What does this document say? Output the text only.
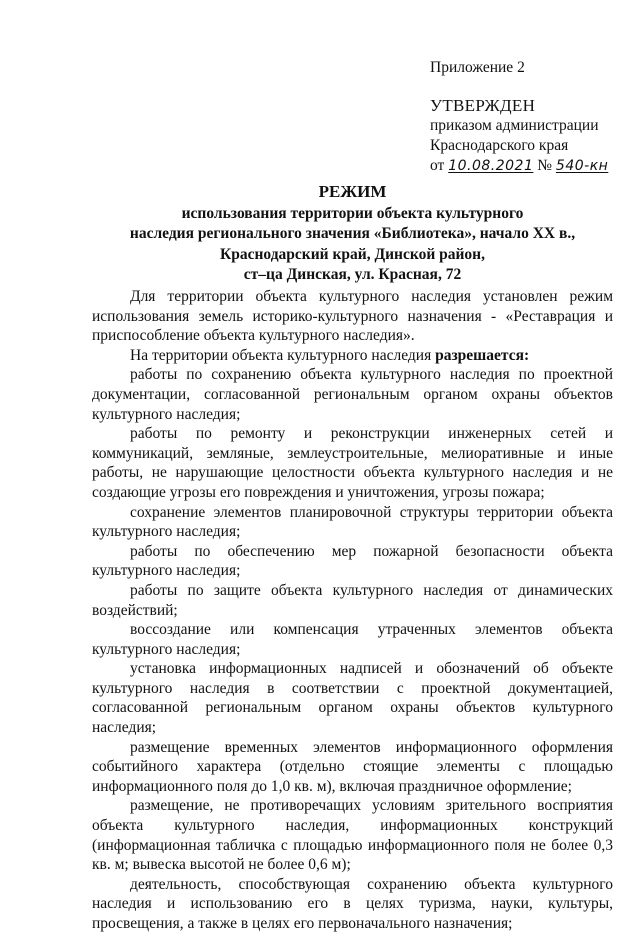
Приложение 2
УТВЕРЖДЕН
приказом администрации
Краснодарского края
от 10.08.2021 № 540-кн
РЕЖИМ
использования территории объекта культурного
наследия регионального значения «Библиотека», начало XX в.,
Краснодарский край, Динской район,
ст–ца Динская, ул. Красная, 72

Для территории объекта культурного наследия установлен режим использования земель историко-культурного назначения - «Реставрация и приспособление объекта культурного наследия».

На территории объекта культурного наследия разрешается:

работы по сохранению объекта культурного наследия по проектной документации, согласованной региональным органом охраны объектов культурного наследия;

работы по ремонту и реконструкции инженерных сетей и коммуникаций, земляные, землеустроительные, мелиоративные и иные работы, не нарушающие целостности объекта культурного наследия и не создающие угрозы его повреждения и уничтожения, угрозы пожара;

сохранение элементов планировочной структуры территории объекта культурного наследия;

работы по обеспечению мер пожарной безопасности объекта культурного наследия;

работы по защите объекта культурного наследия от динамических воздействий;

воссоздание или компенсация утраченных элементов объекта культурного наследия;

установка информационных надписей и обозначений об объекте культурного наследия в соответствии с проектной документацией, согласованной региональным органом охраны объектов культурного наследия;

размещение временных элементов информационного оформления событийного характера (отдельно стоящие элементы с площадью информационного поля до 1,0 кв. м), включая праздничное оформление;

размещение, не противоречащих условиям зрительного восприятия объекта культурного наследия, информационных конструкций (информационная табличка с площадью информационного поля не более 0,3 кв. м; вывеска высотой не более 0,6 м);

деятельность, способствующая сохранению объекта культурного наследия и использованию его в целях туризма, науки, культуры, просвещения, а также в целях его первоначального назначения;
